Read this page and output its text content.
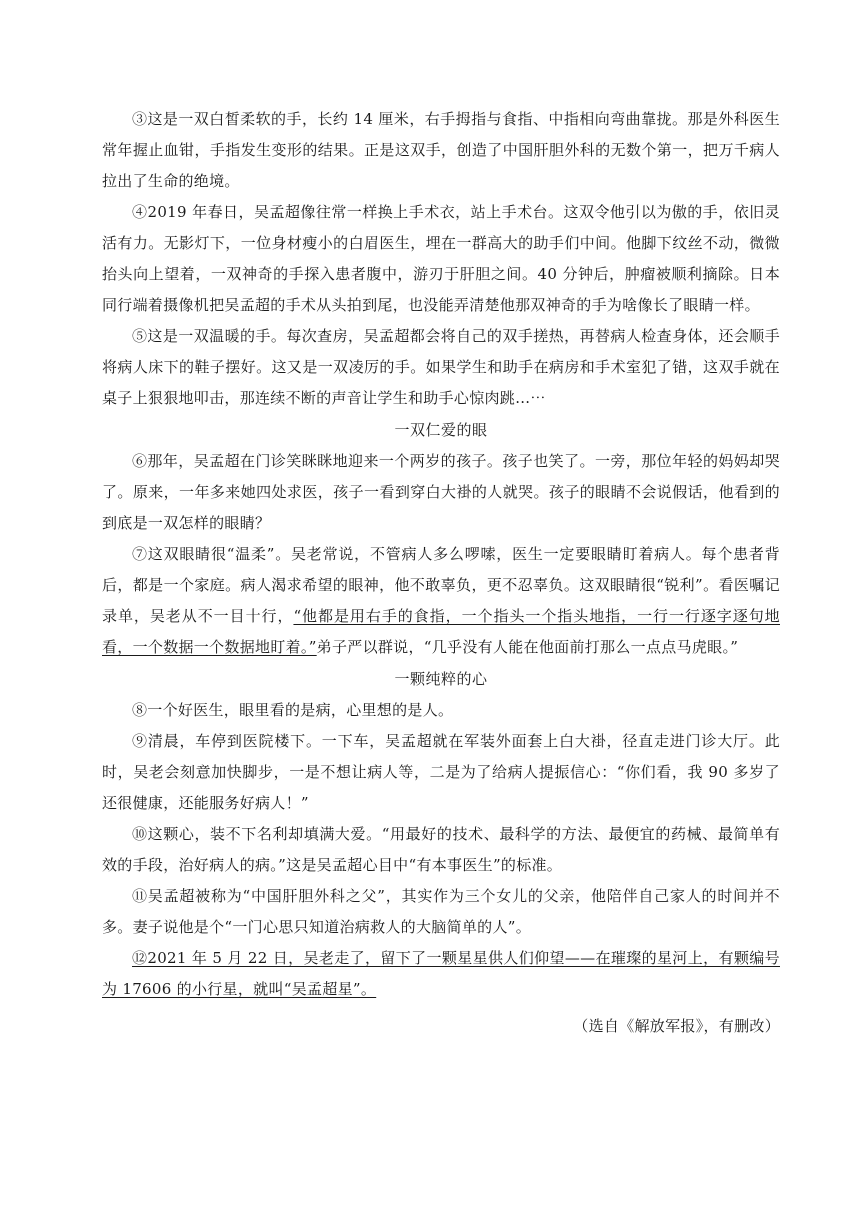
③这是一双白皙柔软的手，长约 14 厘米，右手拇指与食指、中指相向弯曲靠拢。那是外科医生常年握止血钳，手指发生变形的结果。正是这双手，创造了中国肝胆外科的无数个第一，把万千病人拉出了生命的绝境。

④2019 年春日，吴孟超像往常一样换上手术衣，站上手术台。这双令他引以为傲的手，依旧灵活有力。无影灯下，一位身材瘦小的白眉医生，埋在一群高大的助手们中间。他脚下纹丝不动，微微抬头向上望着，一双神奇的手探入患者腹中，游刃于肝胆之间。40 分钟后，肿瘤被顺利摘除。日本同行端着摄像机把吴孟超的手术从头拍到尾，也没能弄清楚他那双神奇的手为啥像长了眼睛一样。

⑤这是一双温暖的手。每次查房，吴孟超都会将自己的双手搓热，再替病人检查身体，还会顺手将病人床下的鞋子摆好。这又是一双凌厉的手。如果学生和助手在病房和手术室犯了错，这双手就在桌子上狠狠地叩击，那连续不断的声音让学生和助手心惊肉跳…⋯

一双仁爱的眼

⑥那年，吴孟超在门诊笑眯眯地迎来一个两岁的孩子。孩子也笑了。一旁，那位年轻的妈妈却哭了。原来，一年多来她四处求医，孩子一看到穿白大褂的人就哭。孩子的眼睛不会说假话，他看到的到底是一双怎样的眼睛？

⑦这双眼睛很“温柔”。吴老常说，不管病人多么啰嗦，医生一定要眼睛盯着病人。每个患者背后，都是一个家庭。病人渴求希望的眼神，他不敢辜负，更不忍辜负。这双眼睛很“锐利”。看医嘱记录单，吴老从不一目十行，“他都是用右手的食指，一个指头一个指头地指，一行一行逐字逐句地看，一个数据一个数据地盯着。”弟子严以群说，“几乎没有人能在他面前打那么一点点马虎眼。”

一颗纯粹的心

⑧一个好医生，眼里看的是病，心里想的是人。

⑨清晨，车停到医院楼下。一下车，吴孟超就在军装外面套上白大褂，径直走进门诊大厅。此时，吴老会刻意加快脚步，一是不想让病人等，二是为了给病人提振信心：“你们看，我 90 多岁了还很健康，还能服务好病人！”

⑩这颗心，装不下名利却填满大爱。“用最好的技术、最科学的方法、最便宜的药械、最简单有效的手段，治好病人的病。”这是吴孟超心目中“有本事医生”的标准。

⑪吴孟超被称为“中国肝胆外科之父”，其实作为三个女儿的父亲，他陪伴自己家人的时间并不多。妻子说他是个“一门心思只知道治病救人的大脑简单的人”。

⑫2021 年 5 月 22 日，吴老走了，留下了一颗星星供人们仰望——在璀璨的星河上，有颗编号为 17606 的小行星，就叫“吴孟超星”。

（选自《解放军报》，有删改）
